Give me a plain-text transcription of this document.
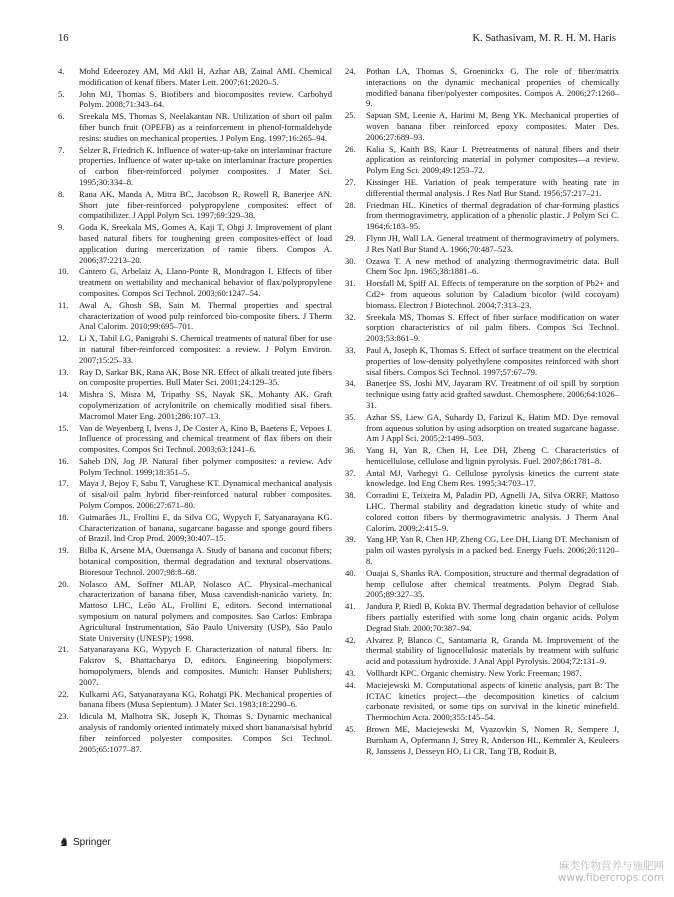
16	K. Sathasivam, M. R. H. M. Haris
4. Mohd Edeerozey AM, Md Akil H, Azhar AB, Zainal AMI. Chemical modification of kenaf fibers. Mater Lett. 2007;61:2020–5.
5. John MJ, Thomas S. Biofibers and biocomposites review. Carbohyd Polym. 2008;71:343–64.
6. Sreekala MS, Thomas S, Neelakantan NR. Utilization of short oil palm fiber bunch fruit (OPEFB) as a reinforcement in phenol-formaldehyde resins: studies on mechanical properties. J Polym Eng. 1997;16:265–94.
7. Selzer R, Friedrich K. Influence of water-up-take on interlaminar fracture properties. Influence of water up-take on interlaminar fracture properties of carbon fiber-reinforced polymer composites. J Mater Sci. 1995;30:334–8.
8. Rana AK, Manda A, Mitra BC, Jacobson R, Rowell R, Banerjee AN. Short jute fiber-reinforced polypropylene composites: effect of compatibilizer. J Appl Polym Sci. 1997;69:329–38.
9. Goda K, Sreekala MS, Gomes A, Kaji T, Ohgi J. Improvement of plant based natural fibers for toughening green composites-effect of load application during mercerization of ramie fibers. Compos A. 2006;37:2213–20.
10. Cantero G, Arbelaiz A, Llano-Ponte R, Mondragon I. Effects of fiber treatment on wettability and mechanical behavior of flax/polypropylene composites. Compos Sci Technol. 2003;60:1247–54.
11. Awal A, Ghosh SB, Sain M. Thermal properties and spectral characterization of wood pulp reinforced bio-composite fibers. J Therm Anal Calorim. 2010;99:695–701.
12. Li X, Tabil LG, Panigrahi S. Chemical treatments of natural fiber for use in natural fiber-reinforced composites: a review. J Polym Environ. 2007;15:25–33.
13. Ray D, Sarkar BK, Rana AK, Bose NR. Effect of alkali treated jute fibers on composite properties. Bull Mater Sci. 2001;24:129–35.
14. Mishra S, Misra M, Tripathy SS, Nayak SK, Mohanty AK. Graft copolymerization of acrylonitrile on chemically modified sisal fibers. Macromol Mater Eng. 2001;286:107–13.
15. Van de Weyenberg I, Ivens J, De Coster A, Kino B, Baetens E, Vepoes I. Influence of processing and chemical treatment of flax fibers on their composites. Compos Sci Technol. 2003;63:1241–6.
16. Saheb DN, Jog JP. Natural fiber polymer composites: a review. Adv Polym Technol. 1999;18:351–5.
17. Maya J, Bejoy F, Sabu T, Varughese KT. Dynamical mechanical analysis of sisal/oil palm hybrid fiber-reinforced natural rubber composites. Polym Compos. 2006;27:671–80.
18. Guimarães JL, Frollini E, da Silva CG, Wypych F, Satyanarayana KG. Characterization of banana, sugarcane bagasse and sponge gourd fibers of Brazil. Ind Crop Prod. 2009;30:407–15.
19. Bilba K, Arsene MA, Ouensanga A. Study of banana and coconut fibers; botanical composition, thermal degradation and textural observations. Bioresour Technol. 2007;98:8–68.
20. Nolasco AM, Soffner MLAP, Nolasco AC. Physical–mechanical characterization of banana fiber, Musa cavendish-nanicão variety. In: Mattoso LHC, Leão AL, Frollini E, editors. Second international symposium on natural polymers and composites. Sao Carlos: Embrapa Agricultural Instrumentation, São Paulo University (USP), São Paulo State University (UNESP); 1998.
21. Satyanarayana KG, Wypych F. Characterization of natural fibers. In: Fakirov S, Bhattacharya D, editors. Engineering biopolymers: homopolymers, blends and composites. Munich: Hanser Publishers; 2007.
22. Kulkarni AG, Satyanarayana KG, Rohatgi PK. Mechanical properties of banana fibers (Musa Sepientum). J Mater Sci. 1983;18:2290–6.
23. Idicula M, Malhotra SK, Joseph K, Thomas S. Dynamic mechanical analysis of randomly oriented intimately mixed short banana/sisal hybrid fiber reinforced polyester composites. Compos Sci Technol. 2005;65:1077–87.
24. Pothan LA, Thomas S, Groeninckx G. The role of fiber/matrix interactions on the dynamic mechanical properties of chemically modified banana fiber/polyester composites. Compos A. 2006;27:1260–9.
25. Sapuan SM, Leenie A, Harimi M, Beng YK. Mechanical properties of woven banana fiber reinforced epoxy composites. Mater Des. 2006;27:689–93.
26. Kalia S, Kaith BS, Kaur I. Pretreatments of natural fibers and their application as reinforcing material in polymer composites—a review. Polym Eng Sci. 2009;49:1253–72.
27. Kissinger HE. Variation of peak temperature with heating rate in differential thermal analysis. J Res Natl Bur Stand. 1956;57:217–21.
28. Friedman HL. Kinetics of thermal degradation of char-forming plastics from thermogravimetry, application of a phenolic plastic. J Polym Sci C. 1964;6:183–95.
29. Flynn JH, Wall LA. General treatment of thermogravimetry of polymers. J Res Natl Bur Stand A. 1966;70:487–523.
30. Ozawa T. A new method of analyzing thermogravimetric data. Bull Chem Soc Jpn. 1965;38:1881–6.
31. Horsfall M, Spiff AI. Effects of temperature on the sorption of Pb2+ and Cd2+ from aqueous solution by Caladium bicolor (wild cocoyam) biomass. Electron J Biotechnol. 2004;7:313–23.
32. Sreekala MS, Thomas S. Effect of fiber surface modification on water sorption characteristics of oil palm fibers. Compos Sci Technol. 2003;53:861–9.
33. Paul A, Joseph K, Thomas S. Effect of surface treatment on the electrical properties of low-density polyethylene composites reinforced with short sisal fibers. Compos Sci Technol. 1997;57:67–79.
34. Banerjee SS, Joshi MV, Jayaram RV. Treatment of oil spill by sorption technique using fatty acid grafted sawdust. Chemosphere. 2006;64:1026–31.
35. Azhar SS, Liew GA, Suhardy D, Farizul K, Hatim MD. Dye removal from aqueous solution by using adsorption on treated sugarcane bagasse. Am J Appl Sci. 2005;2:1499–503.
36. Yang H, Yan R, Chen H, Lee DH, Zheng C. Characteristics of hemicellulose, cellulose and lignin pyrolysis. Fuel. 2007;86:1781–8.
37. Antal MJ, Varhegyi G. Cellulose pyrolysis kinetics the current state knowledge. Ind Eng Chem Res. 1995;34:703–17.
38. Corradini E, Teixeira M, Paladin PD, Agnelli JA, Silva ORRF, Mattoso LHC. Thermal stability and degradation kinetic study of white and colored cotton fibers by thermogravimetric analysis. J Therm Anal Calorim. 2009;2:415–9.
39. Yang HP, Yan R, Chen HP, Zheng CG, Lee DH, Liang DT. Mechanism of palm oil wastes pyrolysis in a packed bed. Energy Fuels. 2006;20:1120–8.
40. Ouajai S, Shanks RA. Composition, structure and thermal degradation of hemp cellulose after chemical treatments. Polym Degrad Stab. 2005;89:327–35.
41. Jandura P, Riedl B, Kokta BV. Thermal degradation behavior of cellulose fibers partially esterified with some long chain organic acids. Polym Degrad Stab. 2000;70:387–94.
42. Alvarez P, Blanco C, Santamaria R, Granda M. Improvement of the thermal stability of lignocellulosic materials by treatment with sulfuric acid and potassium hydroxide. J Anal Appl Pyrolysis. 2004;72:131–9.
43. Vollhardt KPC. Organic chemistry. New York: Freeman; 1987.
44. Maciejewski M. Computational aspects of kinetic analysis, part B: The ICTAC kinetics project—the decomposition kinetics of calcium carbonate revisited, or some tips on survival in the kinetic minefield. Thermochim Acta. 2000;355:145–54.
45. Brown ME, Maciejewski M, Vyazovkin S, Nomen R, Sempere J, Burnham A, Opfermann J, Strey R, Anderson HL, Kemmler A, Keuleers R, Janssens J, Desseyn HO, Li CR, Tang TB, Roduit B,
♞ Springer
麻类作物营养与施肥网
www.fibercrops.com
